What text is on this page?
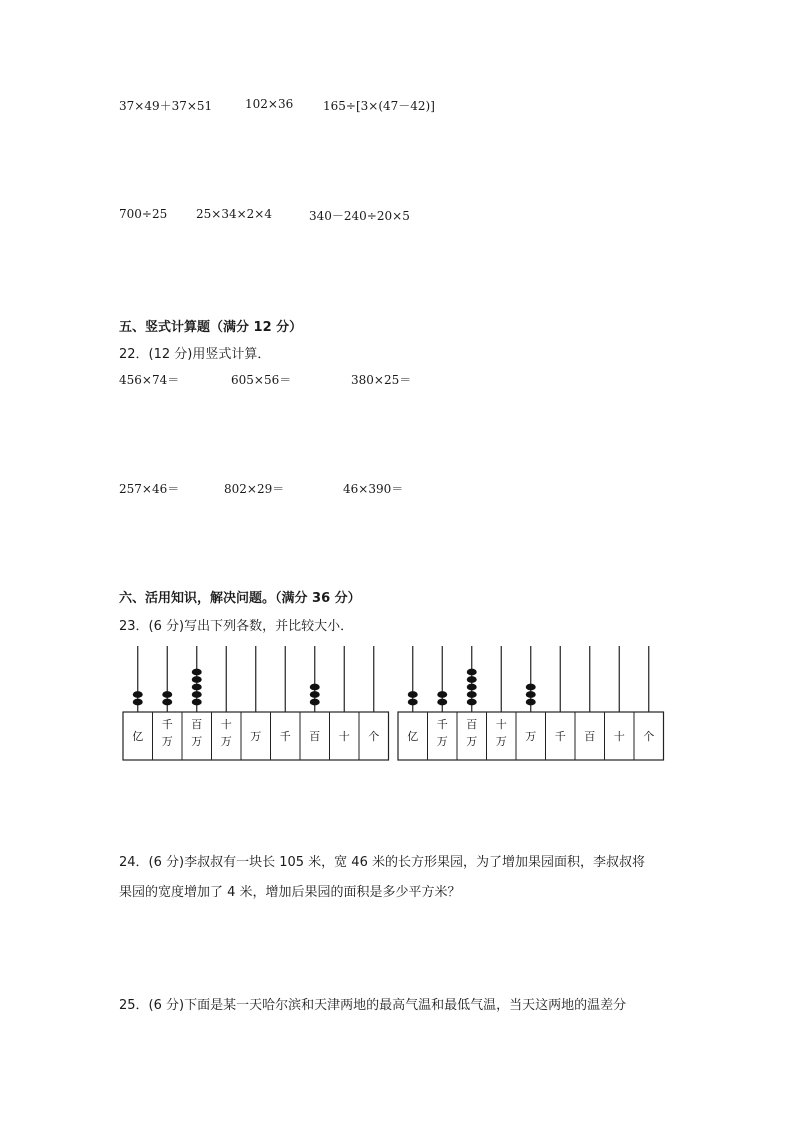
37×49＋37×51	102×36 165÷[3×(47－42)]
700÷25 25×34×2×4	340－240÷20×5
五、竖式计算题（满分 12 分）
22．(12 分)用竖式计算．
456×74＝	605×56＝	380×25＝
257×46＝	802×29＝	46×390＝
六、活用知识，解决问题。（满分 36 分）
23．(6 分)写出下列各数，并比较大小．
亿
千
万
百
万
十
万 万 千 百 十 个	亿
千
万
百
万
十
万 万 千 百 十 个
24．(6 分)李叔叔有一块长 105 米，宽 46 米的长方形果园，为了增加果园面积，李叔叔将
果园的宽度增加了 4 米，增加后果园的面积是多少平方米？
25．(6 分)下面是某一天哈尔滨和天津两地的最高气温和最低气温，当天这两地的温差分
